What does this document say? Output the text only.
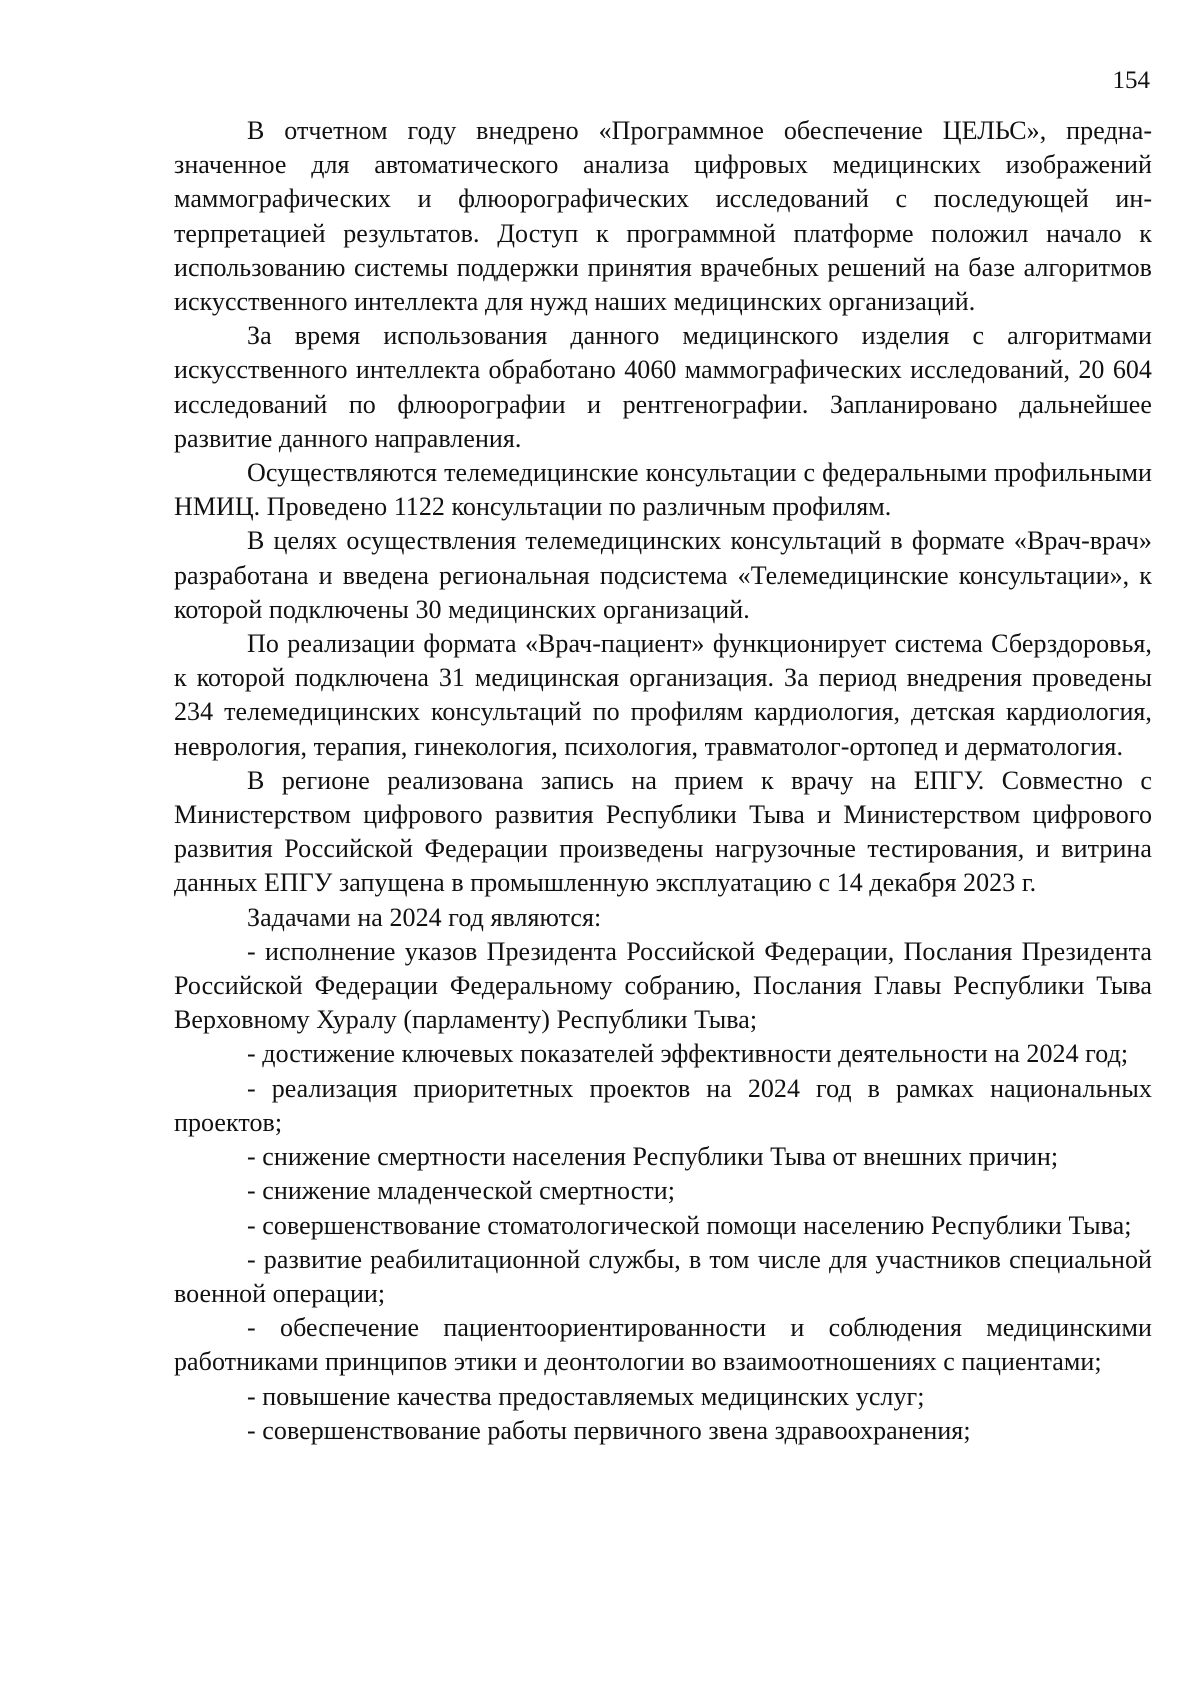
154

В отчетном году внедрено «Программное обеспечение ЦЕЛЬС», предназначенное для автоматического анализа цифровых медицинских изображений маммографических и флюорографических исследований с последующей интерпретацией результатов. Доступ к программной платформе положил начало к использованию системы поддержки принятия врачебных решений на базе алгоритмов искусственного интеллекта для нужд наших медицинских организаций.

За время использования данного медицинского изделия с алгоритмами искусственного интеллекта обработано 4060 маммографических исследований, 20 604 исследований по флюорографии и рентгенографии. Запланировано дальнейшее развитие данного направления.

Осуществляются телемедицинские консультации с федеральными профильными НМИЦ. Проведено 1122 консультации по различным профилям.

В целях осуществления телемедицинских консультаций в формате «Врач-врач» разработана и введена региональная подсистема «Телемедицинские консультации», к которой подключены 30 медицинских организаций.

По реализации формата «Врач-пациент» функционирует система Сберздоровья, к которой подключена 31 медицинская организация. За период внедрения проведены 234 телемедицинских консультаций по профилям кардиология, детская кардиология, неврология, терапия, гинекология, психология, травматолог-ортопед и дерматология.

В регионе реализована запись на прием к врачу на ЕПГУ. Совместно с Министерством цифрового развития Республики Тыва и Министерством цифрового развития Российской Федерации произведены нагрузочные тестирования, и витрина данных ЕПГУ запущена в промышленную эксплуатацию с 14 декабря 2023 г.

Задачами на 2024 год являются:

- исполнение указов Президента Российской Федерации, Послания Президента Российской Федерации Федеральному собранию, Послания Главы Республики Тыва Верховному Хуралу (парламенту) Республики Тыва;

- достижение ключевых показателей эффективности деятельности на 2024 год;

- реализация приоритетных проектов на 2024 год в рамках национальных проектов;

- снижение смертности населения Республики Тыва от внешних причин;

- снижение младенческой смертности;

- совершенствование стоматологической помощи населению Республики Тыва;

- развитие реабилитационной службы, в том числе для участников специальной военной операции;

- обеспечение пациентоориентированности и соблюдения медицинскими работниками принципов этики и деонтологии во взаимоотношениях с пациентами;

- повышение качества предоставляемых медицинских услуг;

- совершенствование работы первичного звена здравоохранения;
